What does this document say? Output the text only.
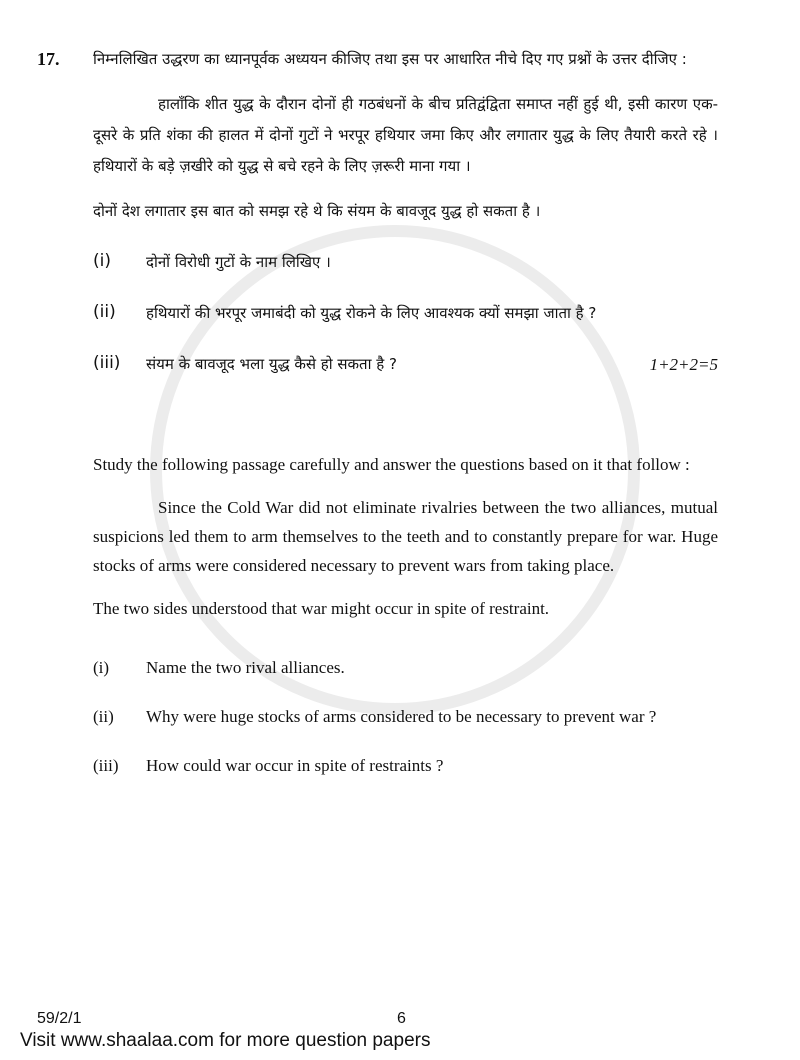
17.	निम्नलिखित उद्धरण का ध्यानपूर्वक अध्ययन कीजिए तथा इस पर आधारित नीचे दिए गए प्रश्नों के उत्तर दीजिए :

हालाँकि शीत युद्ध के दौरान दोनों ही गठबंधनों के बीच प्रतिद्वंद्विता समाप्त नहीं हुई थी, इसी कारण एक-दूसरे के प्रति शंका की हालत में दोनों गुटों ने भरपूर हथियार जमा किए और लगातार युद्ध के लिए तैयारी करते रहे । हथियारों के बड़े ज़खीरे को युद्ध से बचे रहने के लिए ज़रूरी माना गया ।

दोनों देश लगातार इस बात को समझ रहे थे कि संयम के बावजूद युद्ध हो सकता है ।

(i)	दोनों विरोधी गुटों के नाम लिखिए ।

(ii)	हथियारों की भरपूर जमाबंदी को युद्ध रोकने के लिए आवश्यक क्यों समझा जाता है ?

(iii)	संयम के बावजूद भला युद्ध कैसे हो सकता है ?	1+2+2=5

Study the following passage carefully and answer the questions based on it that follow :

Since the Cold War did not eliminate rivalries between the two alliances, mutual suspicions led them to arm themselves to the teeth and to constantly prepare for war. Huge stocks of arms were considered necessary to prevent wars from taking place.

The two sides understood that war might occur in spite of restraint.

(i)	Name the two rival alliances.

(ii)	Why were huge stocks of arms considered to be necessary to prevent war ?

(iii)	How could war occur in spite of restraints ?

59/2/1	6
Visit www.shaalaa.com for more question papers
